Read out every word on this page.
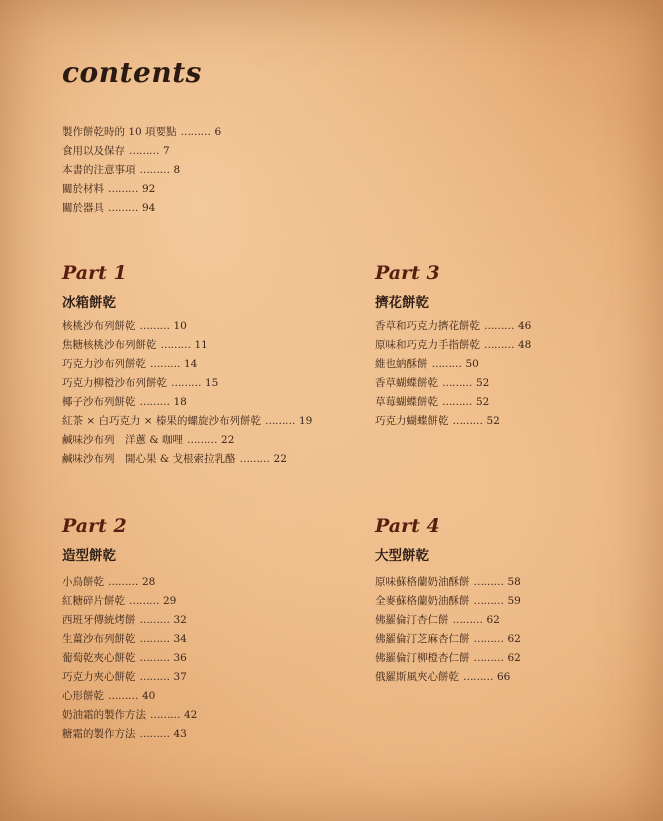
contents
製作餅乾時的 10 項要點 ……… 6
食用以及保存 ……… 7
本書的注意事項 ……… 8
關於材料 ……… 92
關於器具 ……… 94
Part 1
冰箱餅乾
核桃沙布列餅乾 ……… 10
焦糖核桃沙布列餅乾 ……… 11
巧克力沙布列餅乾 ……… 14
巧克力柳橙沙布列餅乾 ……… 15
椰子沙布列餅乾 ……… 18
紅茶 × 白巧克力 × 榛果的螺旋沙布列餅乾 ……… 19
鹹味沙布列　洋蔥 & 咖哩 ……… 22
鹹味沙布列　開心果 & 戈根索拉乳酪 ……… 22
Part 2
造型餅乾
小鳥餅乾 ……… 28
紅糖碎片餅乾 ……… 29
西班牙傳統烤餅 ……… 32
生薑沙布列餅乾 ……… 34
葡萄乾夾心餅乾 ……… 36
巧克力夾心餅乾 ……… 37
心形餅乾 ……… 40
奶油霜的製作方法 ……… 42
糖霜的製作方法 ……… 43
Part 3
擠花餅乾
香草和巧克力擠花餅乾 ……… 46
原味和巧克力手指餅乾 ……… 48
維也納酥餅 ……… 50
香草蝴蝶餅乾 ……… 52
草莓蝴蝶餅乾 ……… 52
巧克力蝴蝶餅乾 ……… 52
Part 4
大型餅乾
原味蘇格蘭奶油酥餅 ……… 58
全麥蘇格蘭奶油酥餅 ……… 59
佛羅倫汀杏仁餅 ……… 62
佛羅倫汀芝麻杏仁餅 ……… 62
佛羅倫汀柳橙杏仁餅 ……… 62
俄羅斯風夾心餅乾 ……… 66
